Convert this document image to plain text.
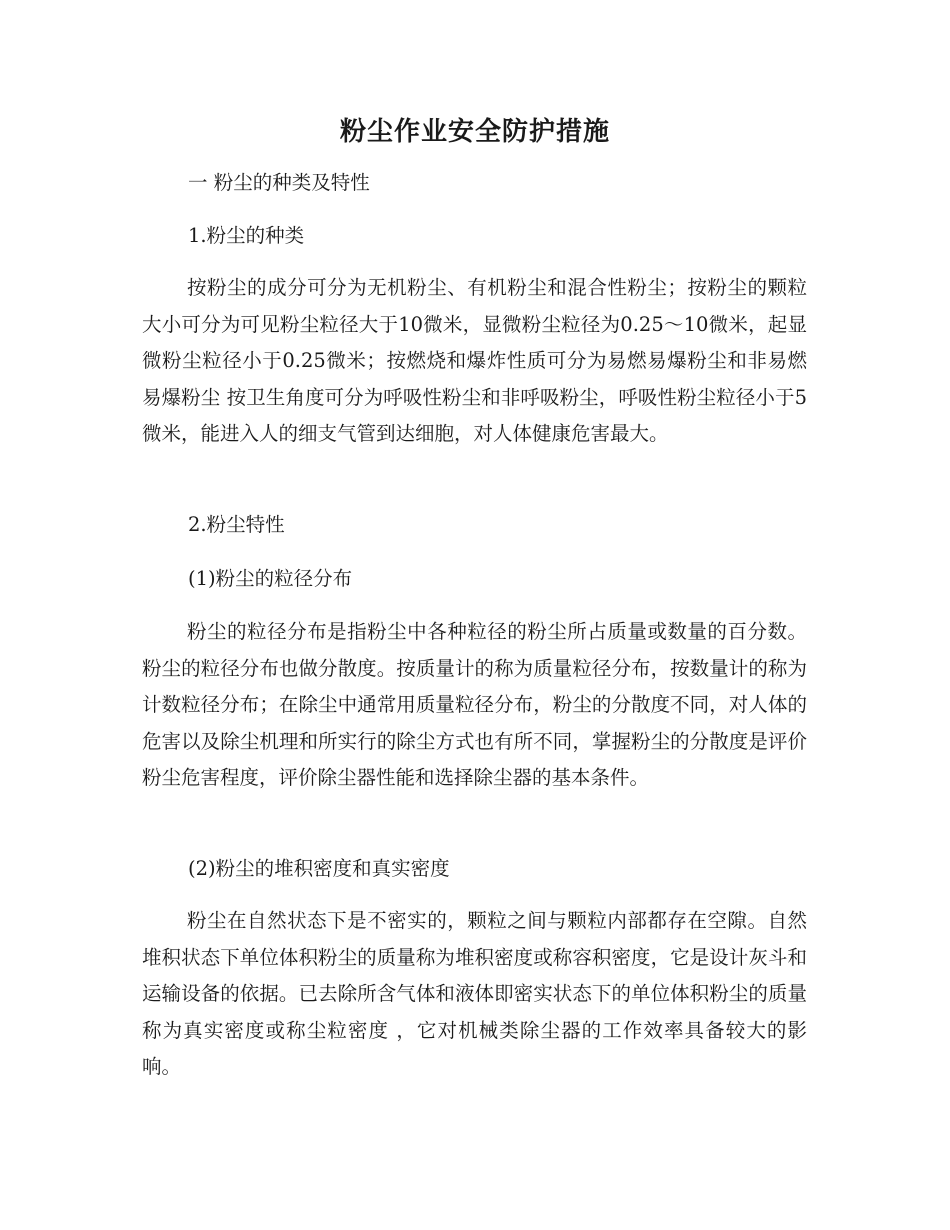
粉尘作业安全防护措施
一 粉尘的种类及特性
1.粉尘的种类
按粉尘的成分可分为无机粉尘、有机粉尘和混合性粉尘；按粉尘的颗粒大小可分为可见粉尘粒径大于10微米，显微粉尘粒径为0.25～10微米，起显微粉尘粒径小于0.25微米；按燃烧和爆炸性质可分为易燃易爆粉尘和非易燃易爆粉尘 按卫生角度可分为呼吸性粉尘和非呼吸粉尘，呼吸性粉尘粒径小于5 微米，能进入人的细支气管到达细胞，对人体健康危害最大。
2.粉尘特性
(1)粉尘的粒径分布
粉尘的粒径分布是指粉尘中各种粒径的粉尘所占质量或数量的百分数。粉尘的粒径分布也做分散度。按质量计的称为质量粒径分布，按数量计的称为计数粒径分布；在除尘中通常用质量粒径分布，粉尘的分散度不同，对人体的危害以及除尘机理和所实行的除尘方式也有所不同，掌握粉尘的分散度是评价粉尘危害程度，评价除尘器性能和选择除尘器的基本条件。
(2)粉尘的堆积密度和真实密度
粉尘在自然状态下是不密实的，颗粒之间与颗粒内部都存在空隙。自然堆积状态下单位体积粉尘的质量称为堆积密度或称容积密度，它是设计灰斗和运输设备的依据。已去除所含气体和液体即密实状态下的单位体积粉尘的质量称为真实密度或称尘粒密度 ，它对机械类除尘器的工作效率具备较大的影响。
